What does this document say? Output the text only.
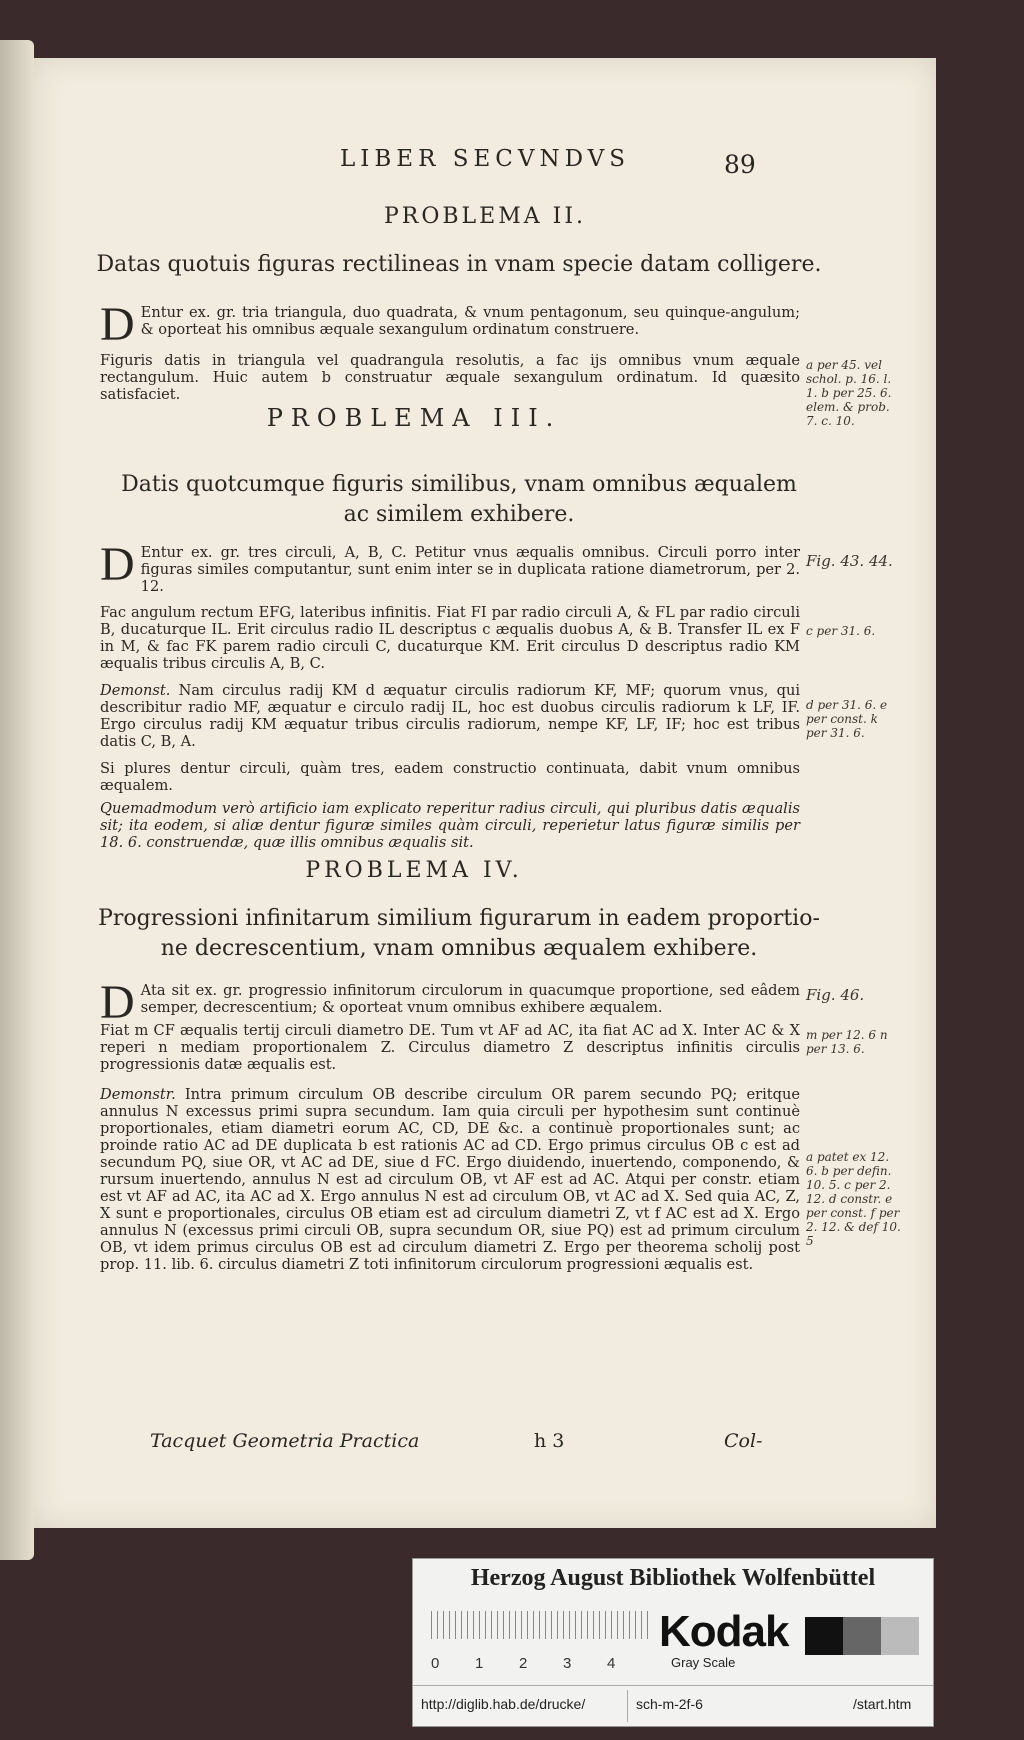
LIBER SECVNDVS	89
PROBLEMA II.
Datas quotuis figuras rectilineas in vnam specie datam colligere.
D Entur ex. gr. tria triangula, duo quadrata, & vnum pentagonum, seu quinque-angulum; & oporteat his omnibus æquale sexangulum ordinatum construere.
Figuris datis in triangula vel quadrangula resolutis, a fac ijs omnibus vnum æquale rectangulum. Huic autem b construatur æquale sexangulum ordinatum. Id quæsito satisfaciet.
a per 45. vel schol. p. 16. l. 1. b per 25. 6. elem. & prob. 7. c. 10.
PROBLEMA III.
Datis quotcumque figuris similibus, vnam omnibus æqualem
ac similem exhibere.
D Entur ex. gr. tres circuli, A, B, C. Petitur vnus æqualis omnibus. Circuli porro inter figuras similes computantur, sunt enim inter se in duplicata ratione diametrorum, per 2. 12.
Fig. 43. 44.
Fac angulum rectum EFG, lateribus infinitis. Fiat FI par radio circuli A, & FL par radio circuli B, ducaturque IL. Erit circulus radio IL descriptus c æqualis duobus A, & B. Transfer IL ex F in M, & fac FK parem radio circuli C, ducaturque KM. Erit circulus D descriptus radio KM æqualis tribus circulis A, B, C.
c per 31. 6.
Demonst. Nam circulus radij KM d æquatur circulis radiorum KF, MF; quorum vnus, qui describitur radio MF, æquatur e circulo radij IL, hoc est duobus circulis radiorum k LF, IF. Ergo circulus radij KM æquatur tribus circulis radiorum, nempe KF, LF, IF; hoc est tribus datis C, B, A.
d per 31. 6. e per const. k per 31. 6.
Si plures dentur circuli, quàm tres, eadem constructio continuata, dabit vnum omnibus æqualem.
Quemadmodum verò artificio iam explicato reperitur radius circuli, qui pluribus datis æqualis sit; ita eodem, si aliæ dentur figuræ similes quàm circuli, reperietur latus figuræ similis per 18. 6. construendæ, quæ illis omnibus æqualis sit.
PROBLEMA IV.
Progressioni infinitarum similium figurarum in eadem proportio-
ne decrescentium, vnam omnibus æqualem exhibere.
D Ata sit ex. gr. progressio infinitorum circulorum in quacumque proportione, sed eâdem semper, decrescentium; & oporteat vnum omnibus exhibere æqualem.
Fig. 46.
Fiat m CF æqualis tertij circuli diametro DE. Tum vt AF ad AC, ita fiat AC ad X. Inter AC & X reperi n mediam proportionalem Z. Circulus diametro Z descriptus infinitis circulis progressionis datæ æqualis est.
m per 12. 6 n per 13. 6.
Demonstr. Intra primum circulum OB describe circulum OR parem secundo PQ; eritque annulus N excessus primi supra secundum. Iam quia circuli per hypothesim sunt continuè proportionales, etiam diametri eorum AC, CD, DE &c. a continuè proportionales sunt; ac proinde ratio AC ad DE duplicata b est rationis AC ad CD. Ergo primus circulus OB c est ad secundum PQ, siue OR, vt AC ad DE, siue d FC. Ergo diuidendo, inuertendo, componendo, & rursum inuertendo, annulus N est ad circulum OB, vt AF est ad AC. Atqui per constr. etiam est vt AF ad AC, ita AC ad X. Ergo annulus N est ad circulum OB, vt AC ad X. Sed quia AC, Z, X sunt e proportionales, circulus OB etiam est ad circulum diametri Z, vt f AC est ad X. Ergo annulus N (excessus primi circuli OB, supra secundum OR, siue PQ) est ad primum circulum OB, vt idem primus circulus OB est ad circulum diametri Z. Ergo per theorema scholij post prop. 11. lib. 6. circulus diametri Z toti infinitorum circulorum progressioni æqualis est.
a patet ex 12. 6. b per defin. 10. 5. c per 2. 12. d constr. e per const. f per 2. 12. & def 10. 5
Tacquet Geometria Practica	h 3	Col-
Herzog August Bibliothek Wolfenbüttel
0 1 2 3 4
Kodak
Gray Scale
http://diglib.hab.de/drucke/	sch-m-2f-6	/start.htm
